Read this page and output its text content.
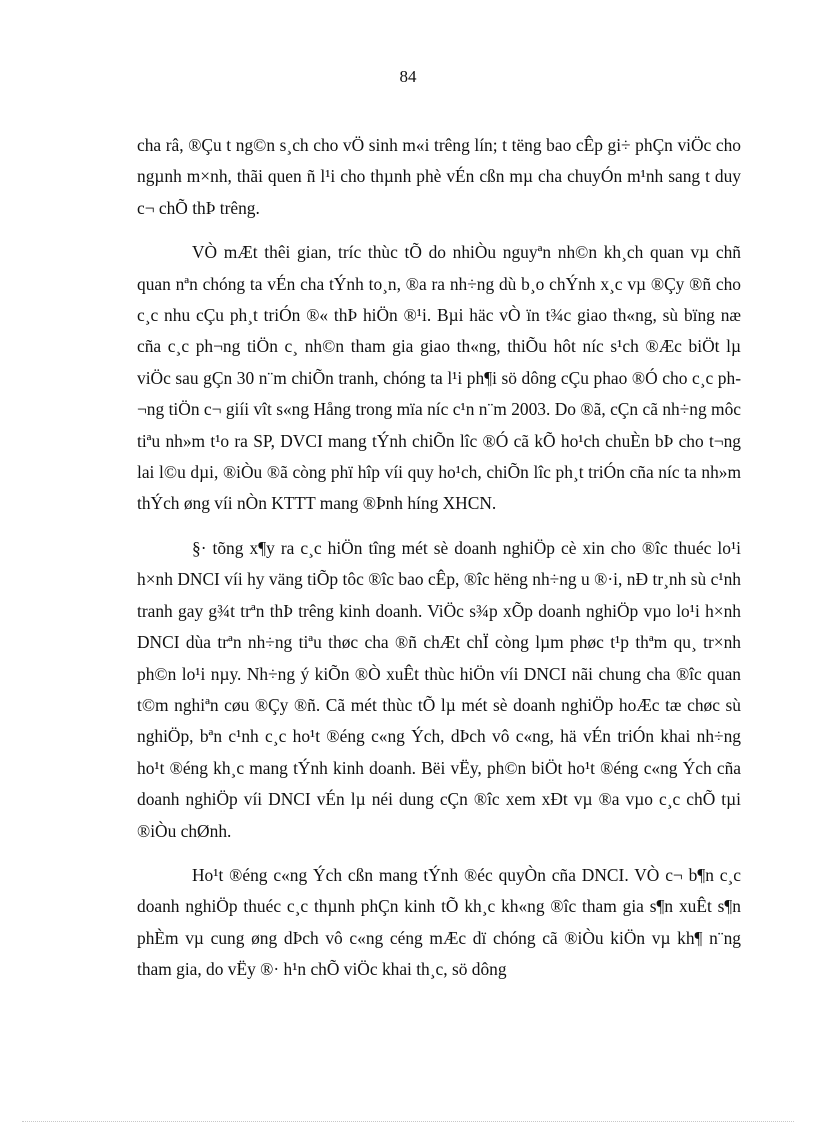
84

cha râ, ®Çu t ng©n s¸ch cho vÖ sinh m«i trêng lín; t tëng bao cÊp gi÷ phÇn viÖc cho ngµnh m×nh, thãi quen ñ l¹i cho thµnh phè vÉn cßn mµ cha chuyÓn m¹nh sang t duy c¬ chÕ thÞ trêng.

VÒ mÆt thêi gian, tríc thùc tÕ do nhiÒu nguyªn nh©n kh¸ch quan vµ chñ quan nªn chóng ta vÉn cha tÝnh to¸n, ®a ra nh÷ng dù b¸o chÝnh x¸c vµ ®Çy ®ñ cho c¸c nhu cÇu ph¸t triÓn ®« thÞ hiÖn ®¹i. Bµi häc vÒ ïn t¾c giao th«ng, sù bïng næ cña c¸c ph¬ng tiÖn c¸ nh©n tham gia giao th«ng, thiÕu hôt níc s¹ch ®Æc biÖt lµ viÖc sau gÇn 30 n¨m chiÕn tranh, chóng ta l¹i ph¶i sö dông cÇu phao ®Ó cho c¸c ph¬ng tiÖn c¬ giíi vît s«ng Hång trong mïa níc c¹n n¨m 2003. Do ®ã, cÇn cã nh÷ng môc tiªu nh»m t¹o ra SP, DVCI mang tÝnh chiÕn lîc ®Ó cã kÕ ho¹ch chuÈn bÞ cho t¬ng lai l©u dµi, ®iÒu ®ã còng phï hîp víi quy ho¹ch, chiÕn lîc ph¸t triÓn cña níc ta nh»m thÝch øng víi nÒn KTTT mang ®Þnh híng XHCN.

§· tõng x¶y ra c¸c hiÖn tîng mét sè doanh nghiÖp cè xin cho ®îc thuéc lo¹i h×nh DNCI víi hy väng tiÕp tôc ®îc bao cÊp, ®îc hëng nh÷ng u ®·i, nÐ tr¸nh sù c¹nh tranh gay g¾t trªn thÞ trêng kinh doanh. ViÖc s¾p xÕp doanh nghiÖp vµo lo¹i h×nh DNCI dùa trªn nh÷ng tiªu thøc cha ®ñ chÆt chÏ còng lµm phøc t¹p thªm qu¸ tr×nh ph©n lo¹i nµy. Nh÷ng ý kiÕn ®Ò xuÊt thùc hiÖn víi DNCI nãi chung cha ®îc quan t©m nghiªn cøu ®Çy ®ñ. Cã mét thùc tÕ lµ mét sè doanh nghiÖp hoÆc tæ chøc sù nghiÖp, bªn c¹nh c¸c ho¹t ®éng c«ng Ých, dÞch vô c«ng, hä vÉn triÓn khai nh÷ng ho¹t ®éng kh¸c mang tÝnh kinh doanh. Bëi vËy, ph©n biÖt ho¹t ®éng c«ng Ých cña doanh nghiÖp víi DNCI vÉn lµ néi dung cÇn ®îc xem xÐt vµ ®a vµo c¸c chÕ tµi ®iÒu chØnh.

Ho¹t ®éng c«ng Ých cßn mang tÝnh ®éc quyÒn cña DNCI. VÒ c¬ b¶n c¸c doanh nghiÖp thuéc c¸c thµnh phÇn kinh tÕ kh¸c kh«ng ®îc tham gia s¶n xuÊt s¶n phÈm vµ cung øng dÞch vô c«ng céng mÆc dï chóng cã ®iÒu kiÖn vµ kh¶ n¨ng tham gia, do vËy ®· h¹n chÕ viÖc khai th¸c, sö dông
